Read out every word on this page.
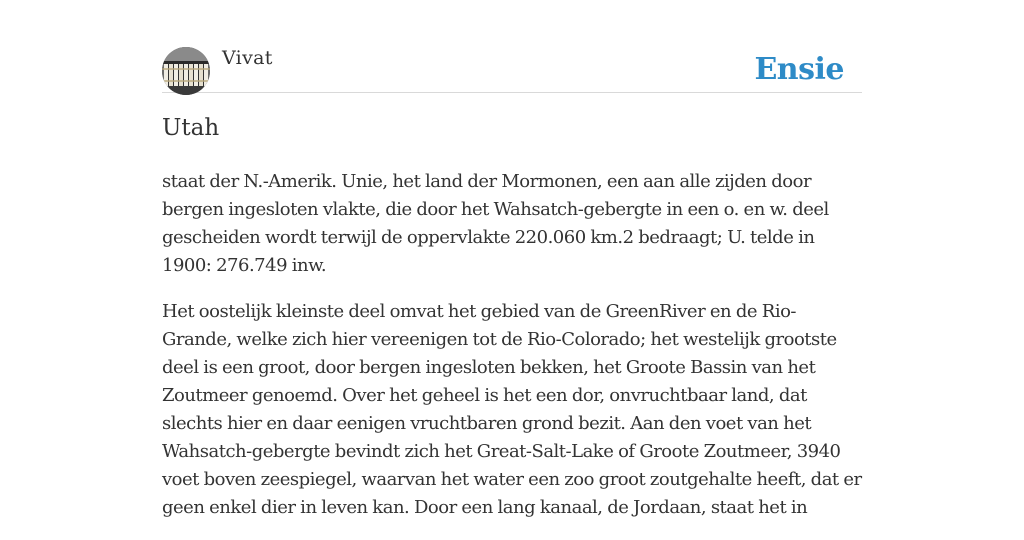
Vivat	Ensie
Utah

staat der N.-Amerik. Unie, het land der Mormonen, een aan alle zijden door bergen ingesloten vlakte, die door het Wahsatch-gebergte in een o. en w. deel gescheiden wordt terwijl de oppervlakte 220.060 km.2 bedraagt; U. telde in 1900: 276.749 inw.

Het oostelijk kleinste deel omvat het gebied van de GreenRiver en de Rio-Grande, welke zich hier vereenigen tot de Rio-Colorado; het westelijk grootste deel is een groot, door bergen ingesloten bekken, het Groote Bassin van het Zoutmeer genoemd. Over het geheel is het een dor, onvruchtbaar land, dat slechts hier en daar eenigen vruchtbaren grond bezit. Aan den voet van het Wahsatch-gebergte bevindt zich het Great-Salt-Lake of Groote Zoutmeer, 3940 voet boven zeespiegel, waarvan het water een zoo groot zoutgehalte heeft, dat er geen enkel dier in leven kan. Door een lang kanaal, de Jordaan, staat het in
